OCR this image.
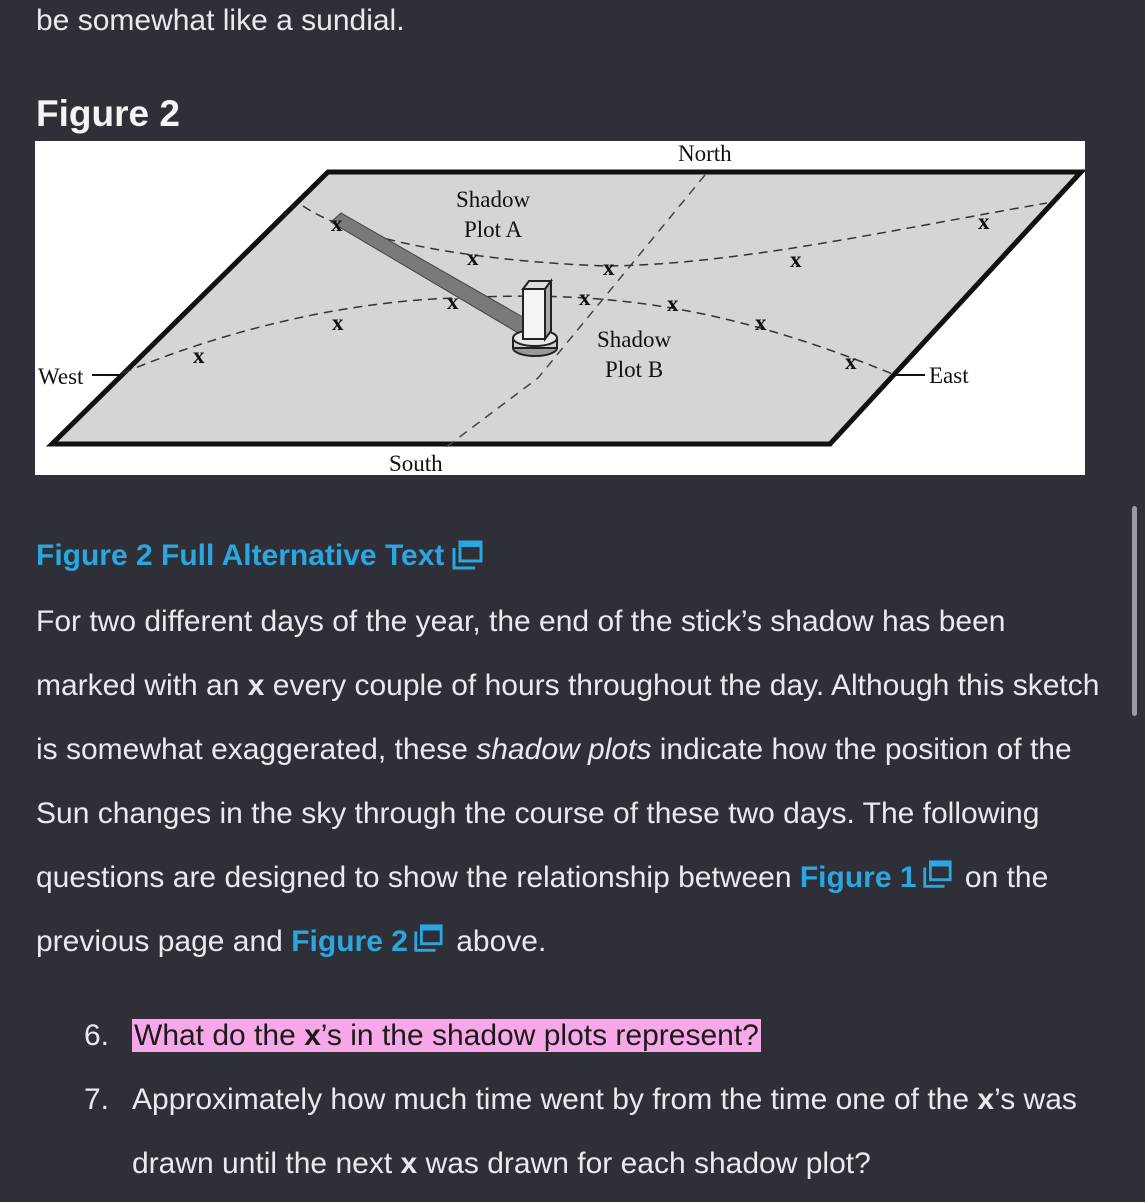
be somewhat like a sundial.

Figure 2
x
x	x	x
x
x
x
x	x	x
x
x
North
Shadow
Plot A
Shadow
Plot B
West	East
South
Figure 2 Full Alternative Text

For two different days of the year, the end of the stick’s shadow has been marked with an x every couple of hours throughout the day. Although this sketch is somewhat exaggerated, these shadow plots indicate how the position of the Sun changes in the sky through the course of these two days. The following questions are designed to show the relationship between Figure 1 on the previous page and Figure 2 above.

6. What do the x’s in the shadow plots represent?
7. Approximately how much time went by from the time one of the x’s was drawn until the next x was drawn for each shadow plot?
